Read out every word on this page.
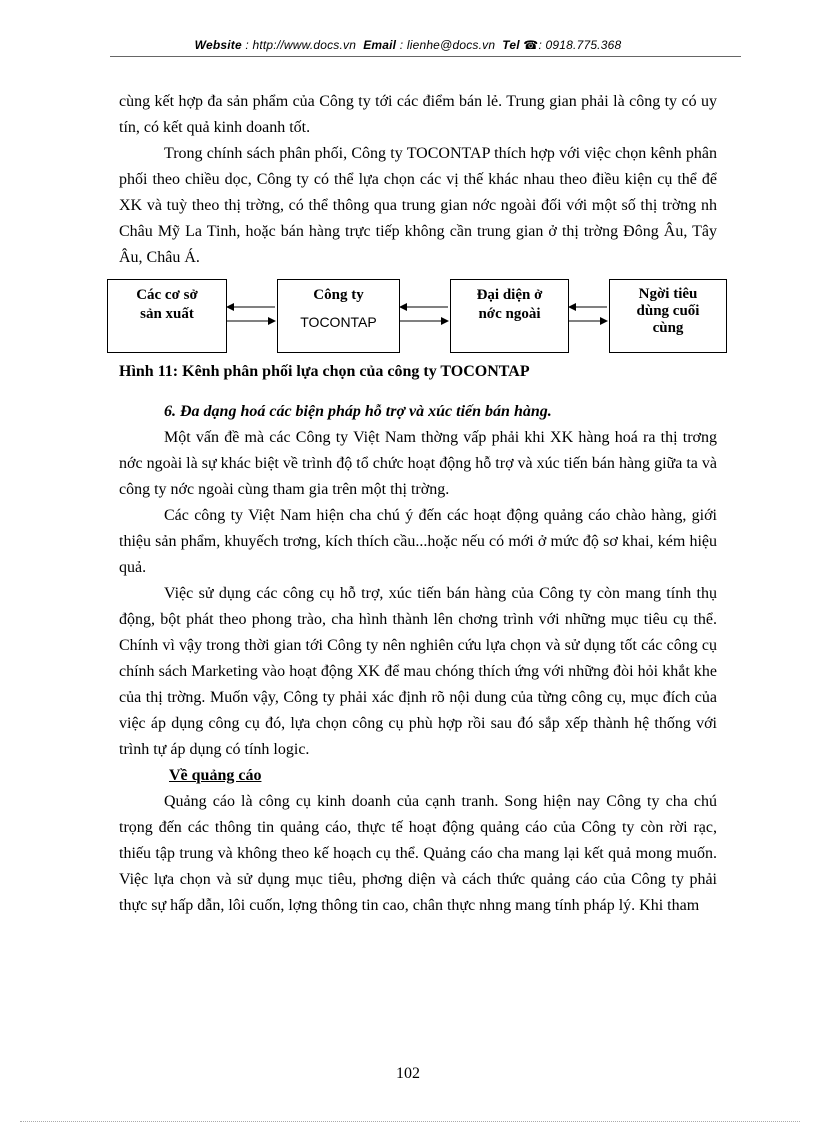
Website : http://www.docs.vn Email : lienhe@docs.vn Tel ☎: 0918.775.368

cùng kết hợp đa sản phẩm của Công ty tới các điểm bán lẻ. Trung gian phải là công ty có uy tín, có kết quả kinh doanh tốt.

Trong chính sách phân phối, Công ty TOCONTAP thích hợp với việc chọn kênh phân phối theo chiều dọc, Công ty có thể lựa chọn các vị thế khác nhau theo điều kiện cụ thể để XK và tuỳ theo thị trờng, có thể thông qua trung gian nớc ngoài đối với một số thị trờng nh Châu Mỹ La Tinh, hoặc bán hàng trực tiếp không cần trung gian ở thị trờng Đông Âu, Tây Âu, Châu Á.

Các cơ sở
sản xuất
Công ty
TOCONTAP
Đại diện ở
nớc ngoài
Ngời tiêu
dùng cuối
cùng

Hình 11: Kênh phân phối lựa chọn của công ty TOCONTAP

6. Đa dạng hoá các biện pháp hỗ trợ và xúc tiến bán hàng.

Một vấn đề mà các Công ty Việt Nam thờng vấp phải khi XK hàng hoá ra thị trơng nớc ngoài là sự khác biệt về trình độ tổ chức hoạt động hỗ trợ và xúc tiến bán hàng giữa ta và công ty nớc ngoài cùng tham gia trên một thị trờng.

Các công ty Việt Nam hiện cha chú ý đến các hoạt động quảng cáo chào hàng, giới thiệu sản phẩm, khuyếch trơng, kích thích cầu...hoặc nếu có mới ở mức độ sơ khai, kém hiệu quả.

Việc sử dụng các công cụ hỗ trợ, xúc tiến bán hàng của Công ty còn mang tính thụ động, bột phát theo phong trào, cha hình thành lên chơng trình với những mục tiêu cụ thể. Chính vì vậy trong thời gian tới Công ty nên nghiên cứu lựa chọn và sử dụng tốt các công cụ chính sách Marketing vào hoạt động XK để mau chóng thích ứng với những đòi hỏi khắt khe của thị trờng. Muốn vậy, Công ty phải xác định rõ nội dung của từng công cụ, mục đích của việc áp dụng công cụ đó, lựa chọn công cụ phù hợp rồi sau đó sắp xếp thành hệ thống với trình tự áp dụng có tính logic.

Về quảng cáo

Quảng cáo là công cụ kinh doanh của cạnh tranh. Song hiện nay Công ty cha chú trọng đến các thông tin quảng cáo, thực tế hoạt động quảng cáo của Công ty còn rời rạc, thiếu tập trung và không theo kế hoạch cụ thể. Quảng cáo cha mang lại kết quả mong muốn. Việc lựa chọn và sử dụng mục tiêu, phơng diện và cách thức quảng cáo của Công ty phải thực sự hấp dẫn, lôi cuốn, lợng thông tin cao, chân thực nhng mang tính pháp lý. Khi tham

102
